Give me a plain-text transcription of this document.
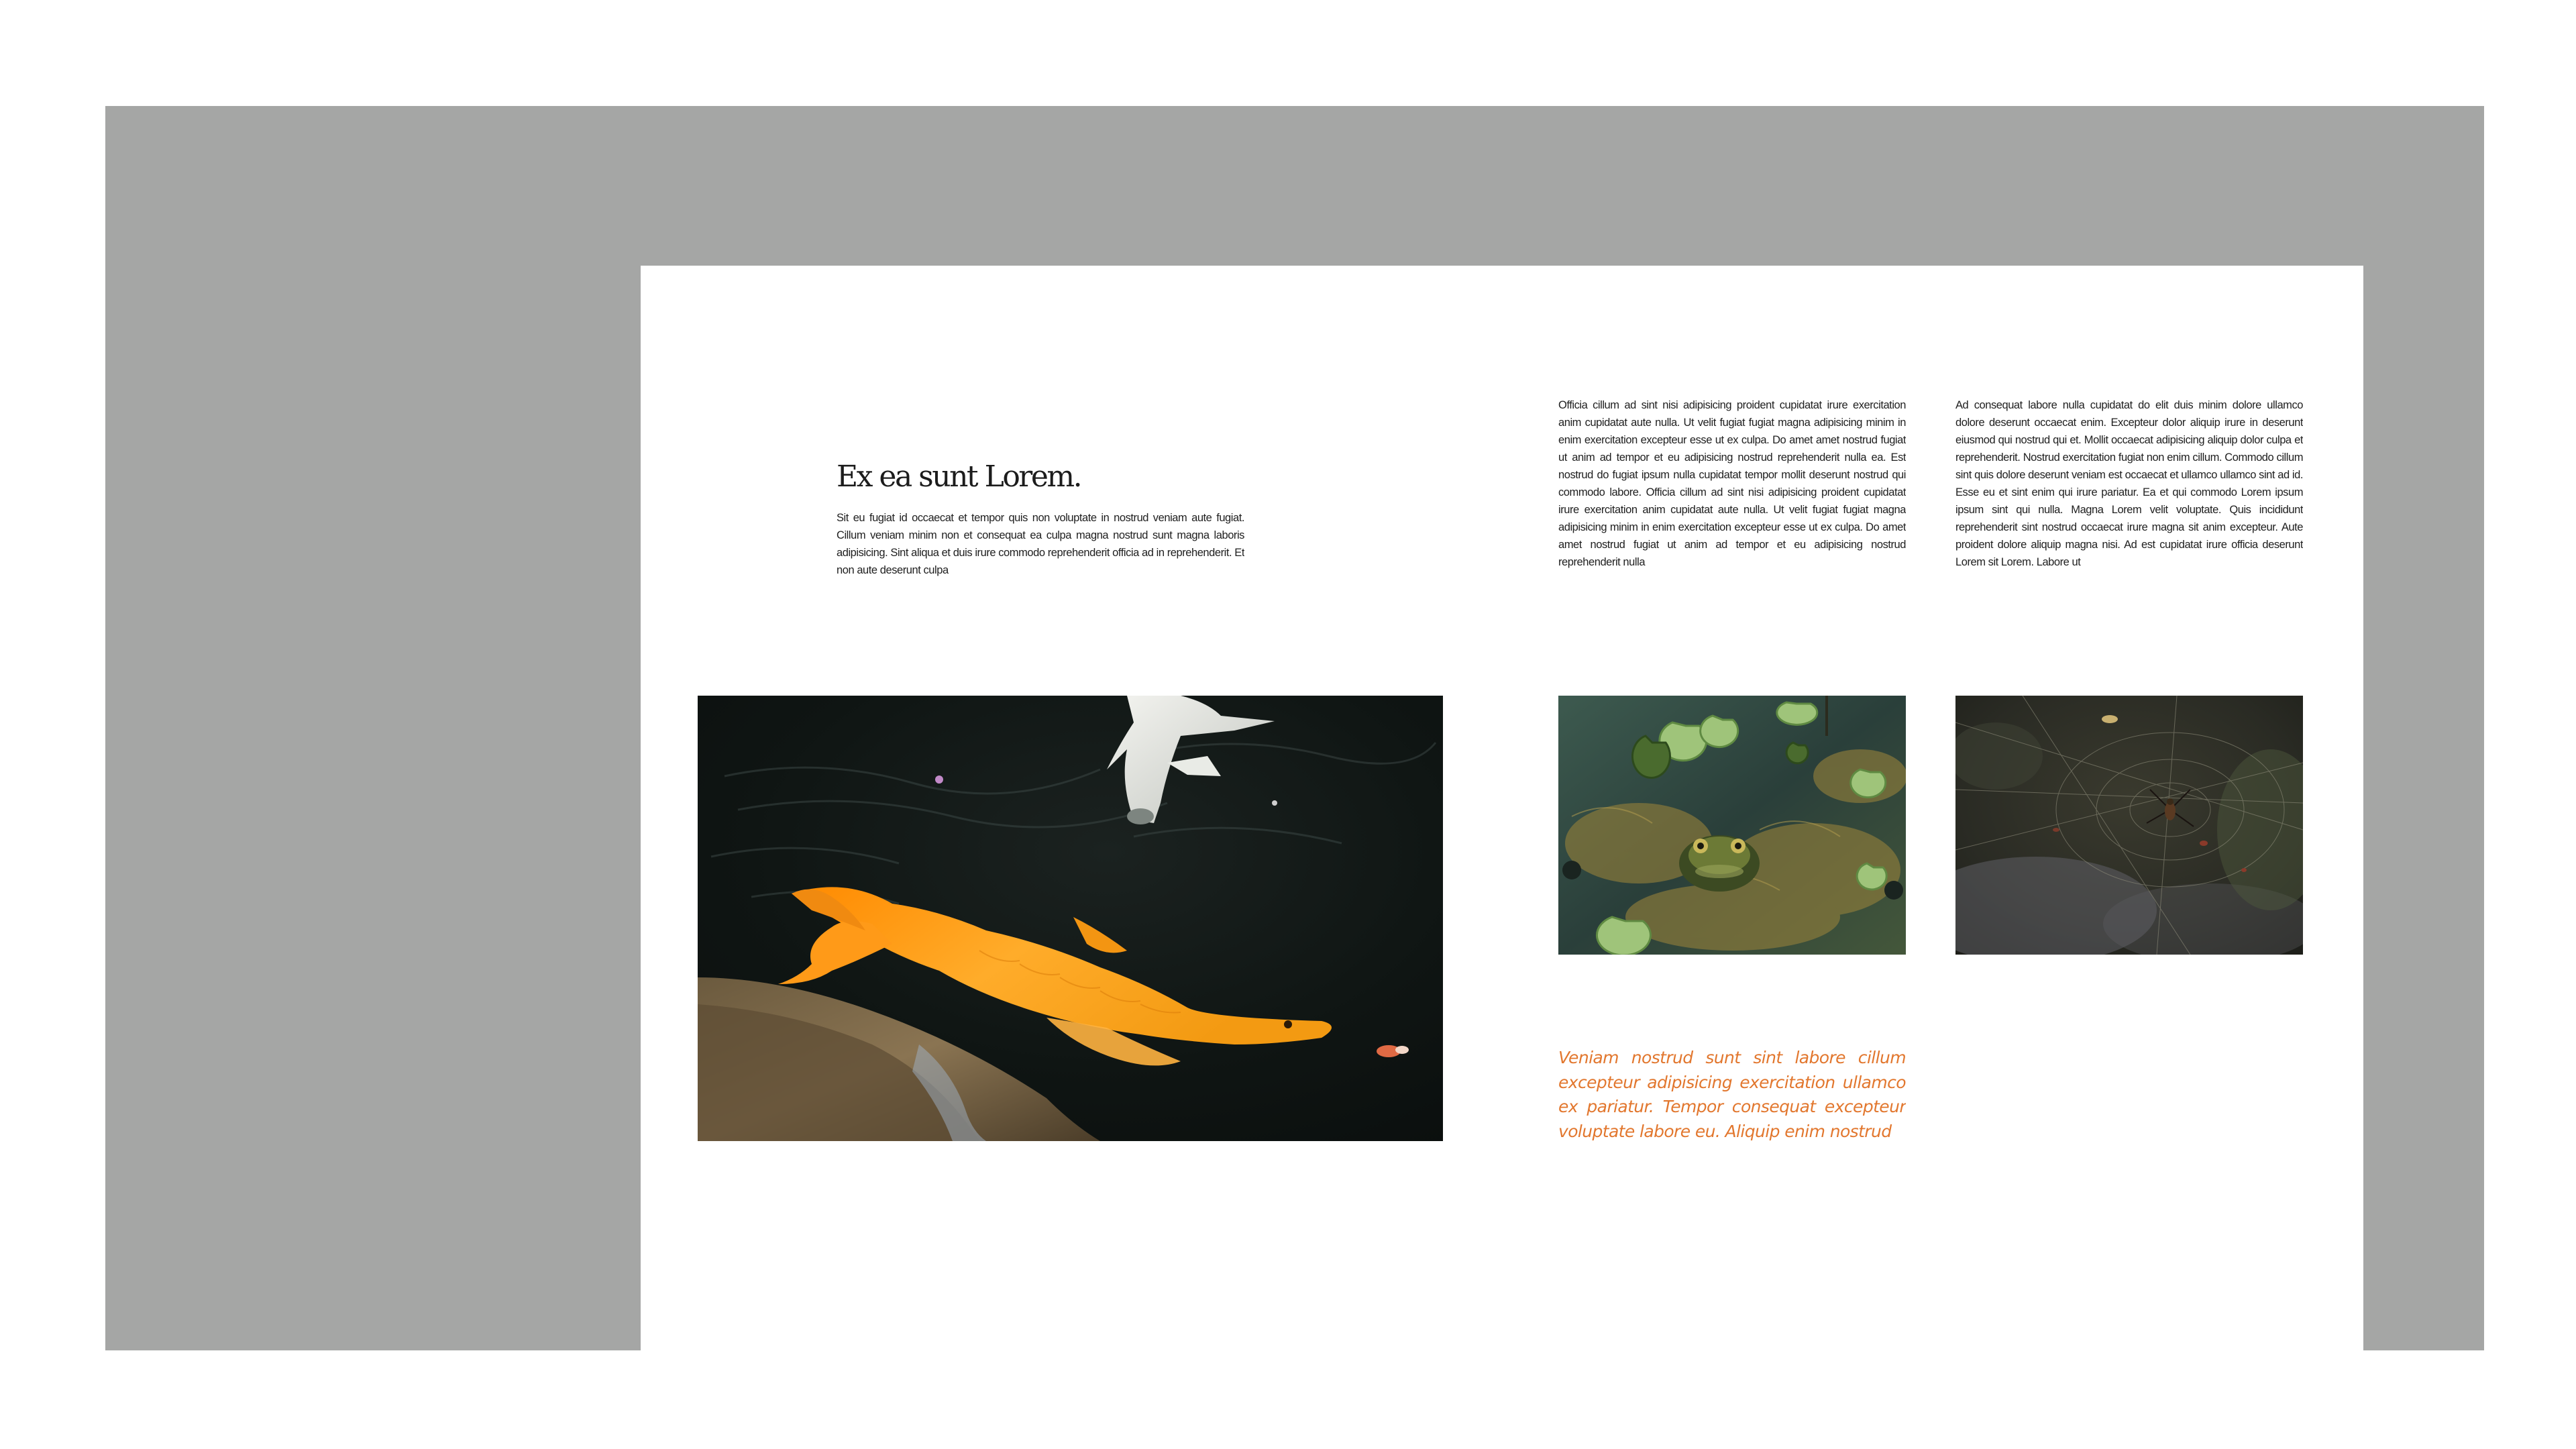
Ex ea sunt Lorem.
Sit eu fugiat id occaecat et tempor quis non voluptate in nostrud veniam aute fugiat. Cillum veniam minim non et consequat ea culpa magna nostrud sunt magna laboris adipisicing. Sint aliqua et duis irure commodo reprehenderit officia ad in reprehenderit. Et non aute deserunt culpa
Officia cillum ad sint nisi adipisicing proident cupidatat irure exercitation anim cupidatat aute nulla. Ut velit fugiat fugiat magna adipisicing minim in enim exercitation excepteur esse ut ex culpa. Do amet amet nostrud fugiat ut anim ad tempor et eu adipisicing nostrud reprehenderit nulla ea. Est nostrud do fugiat ipsum nulla cupidatat tempor mollit deserunt nostrud qui commodo labore. Officia cillum ad sint nisi adipisicing proident cupidatat irure exercitation anim cupidatat aute nulla. Ut velit fugiat fugiat magna adipisicing minim in enim exercitation excepteur esse ut ex culpa. Do amet amet nostrud fugiat ut anim ad tempor et eu adipisicing nostrud reprehenderit nulla
Ad consequat labore nulla cupidatat do elit duis minim dolore ullamco dolore deserunt occaecat enim. Excepteur dolor aliquip irure in deserunt eiusmod qui nostrud qui et. Mollit occaecat adipisicing aliquip dolor culpa et reprehenderit. Nostrud exercitation fugiat non enim cillum. Commodo cillum sint quis dolore deserunt veniam est occaecat et ullamco ullamco sint ad id. Esse eu et sint enim qui irure pariatur. Ea et qui commodo Lorem ipsum ipsum sint qui nulla. Magna Lorem velit voluptate. Quis incididunt reprehenderit sint nostrud occaecat irure magna sit anim excepteur. Aute proident dolore aliquip magna nisi. Ad est cupidatat irure officia deserunt Lorem sit Lorem. Labore ut
Veniam nostrud sunt sint labore cillum excepteur adipisicing exercitation ullamco ex pariatur. Tempor consequat excepteur voluptate labore eu. Aliquip enim nostrud
